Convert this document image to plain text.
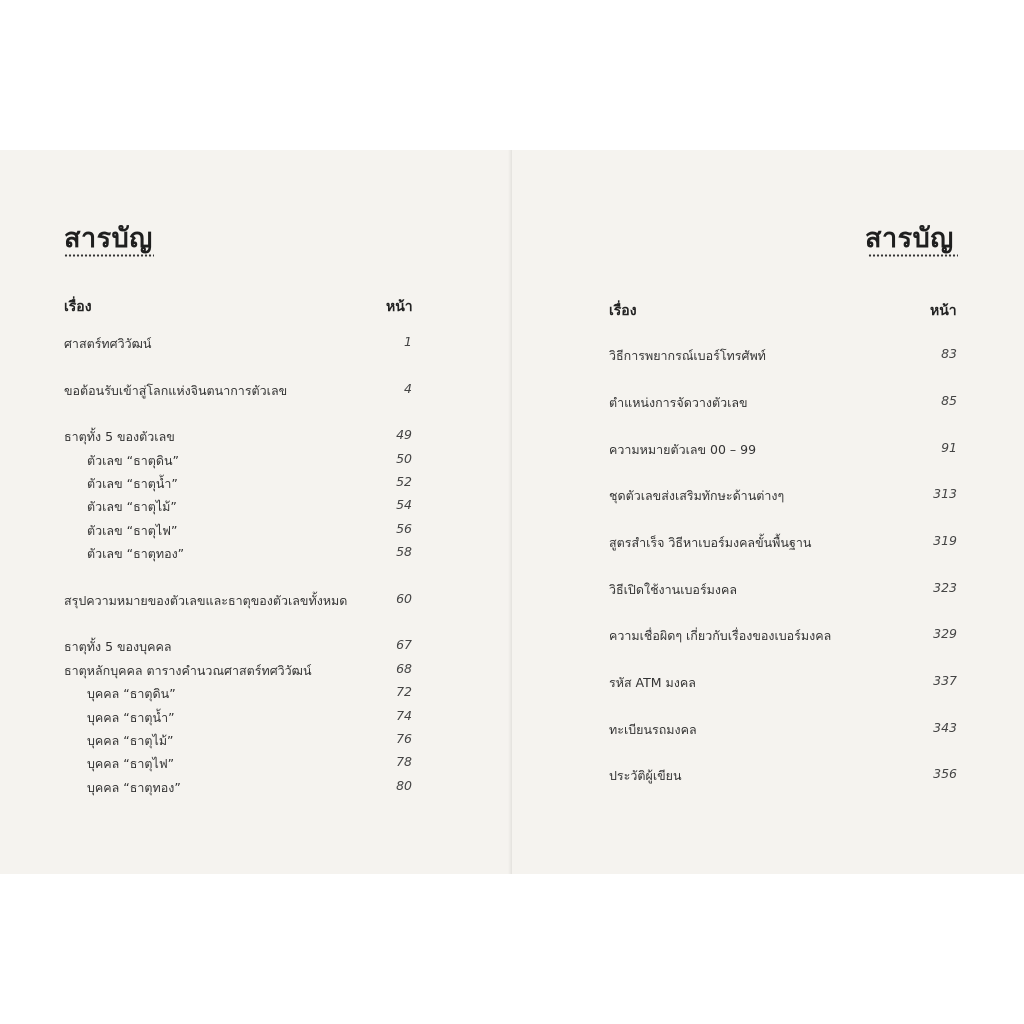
สารบัญ
เรื่อง	หน้า
ศาสตร์ทศวิวัฒน์	1
ขอต้อนรับเข้าสู่โลกแห่งจินตนาการตัวเลข	4
ธาตุทั้ง 5 ของตัวเลข	49
ตัวเลข “ธาตุดิน”	50
ตัวเลข “ธาตุน้ำ”	52
ตัวเลข “ธาตุไม้”	54
ตัวเลข “ธาตุไฟ”	56
ตัวเลข “ธาตุทอง”	58
สรุปความหมายของตัวเลขและธาตุของตัวเลขทั้งหมด	60
ธาตุทั้ง 5 ของบุคคล	67
ธาตุหลักบุคคล ตารางคำนวณศาสตร์ทศวิวัฒน์	68
บุคคล “ธาตุดิน”	72
บุคคล “ธาตุน้ำ”	74
บุคคล “ธาตุไม้”	76
บุคคล “ธาตุไฟ”	78
บุคคล “ธาตุทอง”	80
สารบัญ
เรื่อง	หน้า
วิธีการพยากรณ์เบอร์โทรศัพท์	83
ตำแหน่งการจัดวางตัวเลข	85
ความหมายตัวเลข 00 – 99	91
ชุดตัวเลขส่งเสริมทักษะด้านต่างๆ	313
สูตรสำเร็จ วิธีหาเบอร์มงคลขั้นพื้นฐาน	319
วิธีเปิดใช้งานเบอร์มงคล	323
ความเชื่อผิดๆ เกี่ยวกับเรื่องของเบอร์มงคล	329
รหัส ATM มงคล	337
ทะเบียนรถมงคล	343
ประวัติผู้เขียน	356
